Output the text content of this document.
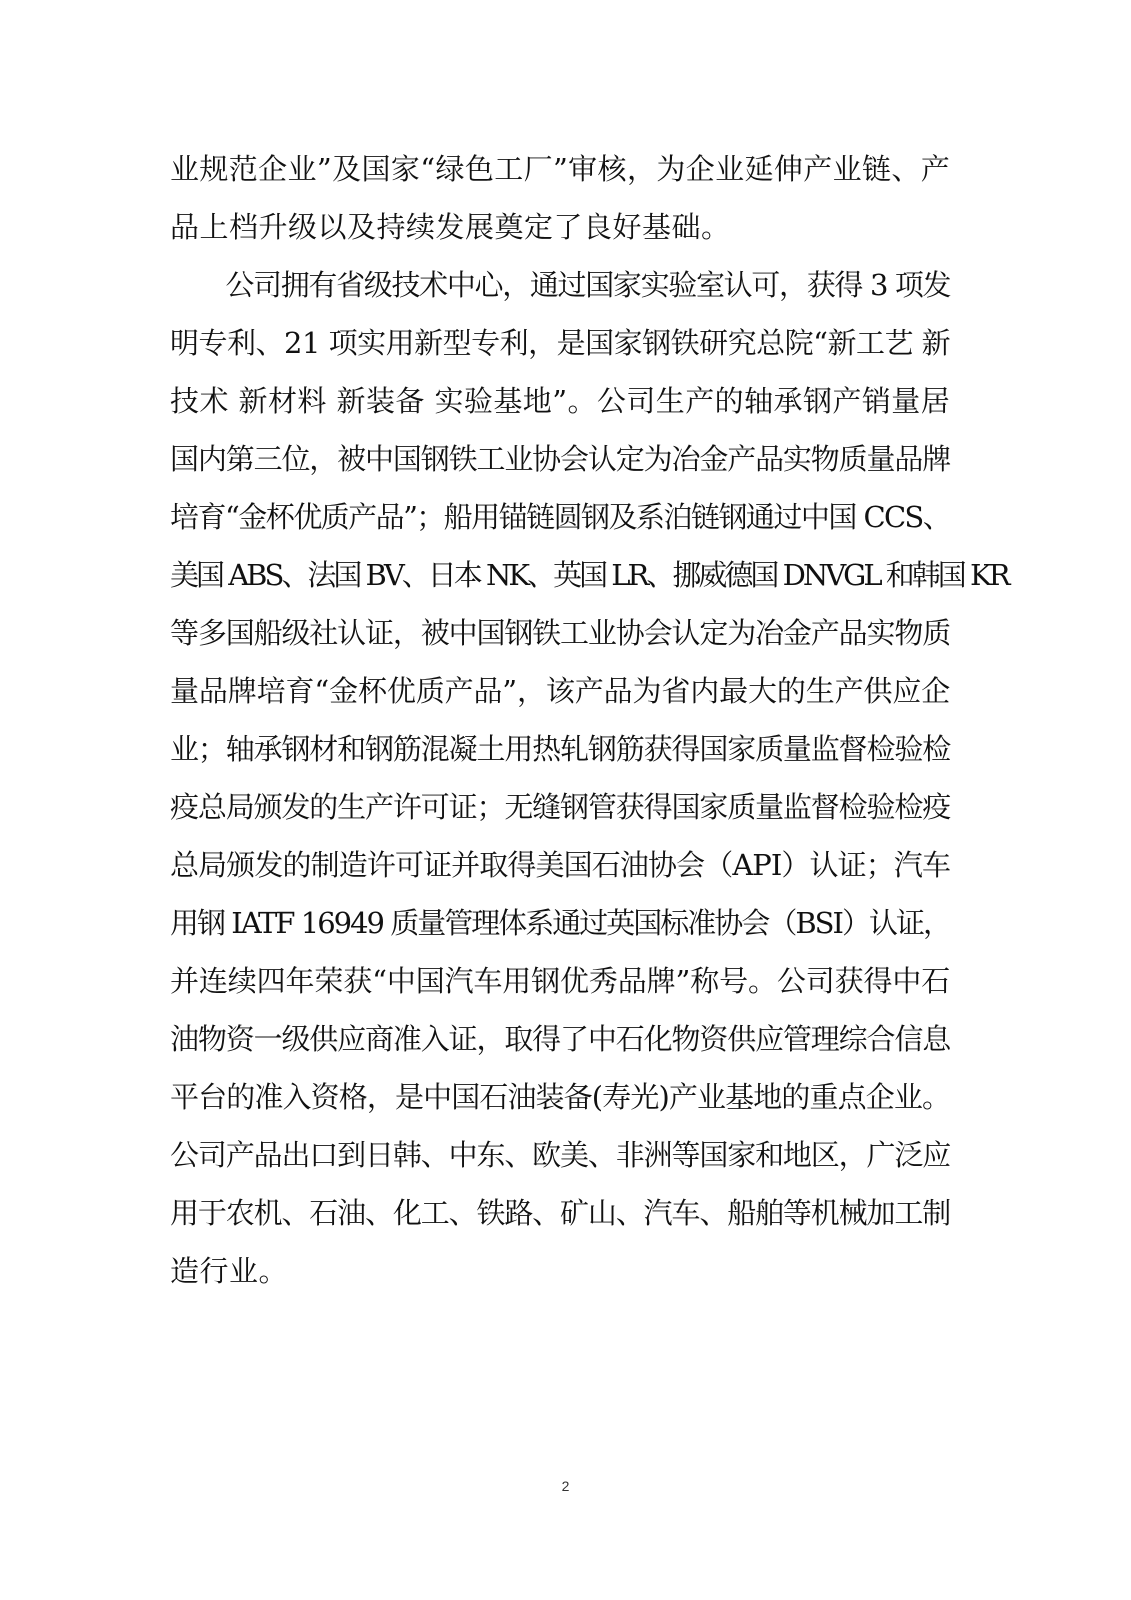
业规范企业”及国家“绿色工厂”审核，为企业延伸产业链、产
品上档升级以及持续发展奠定了良好基础。
　　公司拥有省级技术中心，通过国家实验室认可，获得 3 项发
明专利、21 项实用新型专利，是国家钢铁研究总院“新工艺 新
技术 新材料 新装备 实验基地”。公司生产的轴承钢产销量居
国内第三位，被中国钢铁工业协会认定为冶金产品实物质量品牌
培育“金杯优质产品”；船用锚链圆钢及系泊链钢通过中国 CCS、
美国 ABS、法国 BV、日本 NK、英国 LR、挪威德国 DNVGL 和韩国 KR
等多国船级社认证，被中国钢铁工业协会认定为冶金产品实物质
量品牌培育“金杯优质产品”，该产品为省内最大的生产供应企
业；轴承钢材和钢筋混凝土用热轧钢筋获得国家质量监督检验检
疫总局颁发的生产许可证；无缝钢管获得国家质量监督检验检疫
总局颁发的制造许可证并取得美国石油协会（API）认证；汽车
用钢 IATF 16949 质量管理体系通过英国标准协会（BSI）认证，
并连续四年荣获“中国汽车用钢优秀品牌”称号。公司获得中石
油物资一级供应商准入证，取得了中石化物资供应管理综合信息
平台的准入资格，是中国石油装备(寿光)产业基地的重点企业。
公司产品出口到日韩、中东、欧美、非洲等国家和地区，广泛应
用于农机、石油、化工、铁路、矿山、汽车、船舶等机械加工制
造行业。
2
